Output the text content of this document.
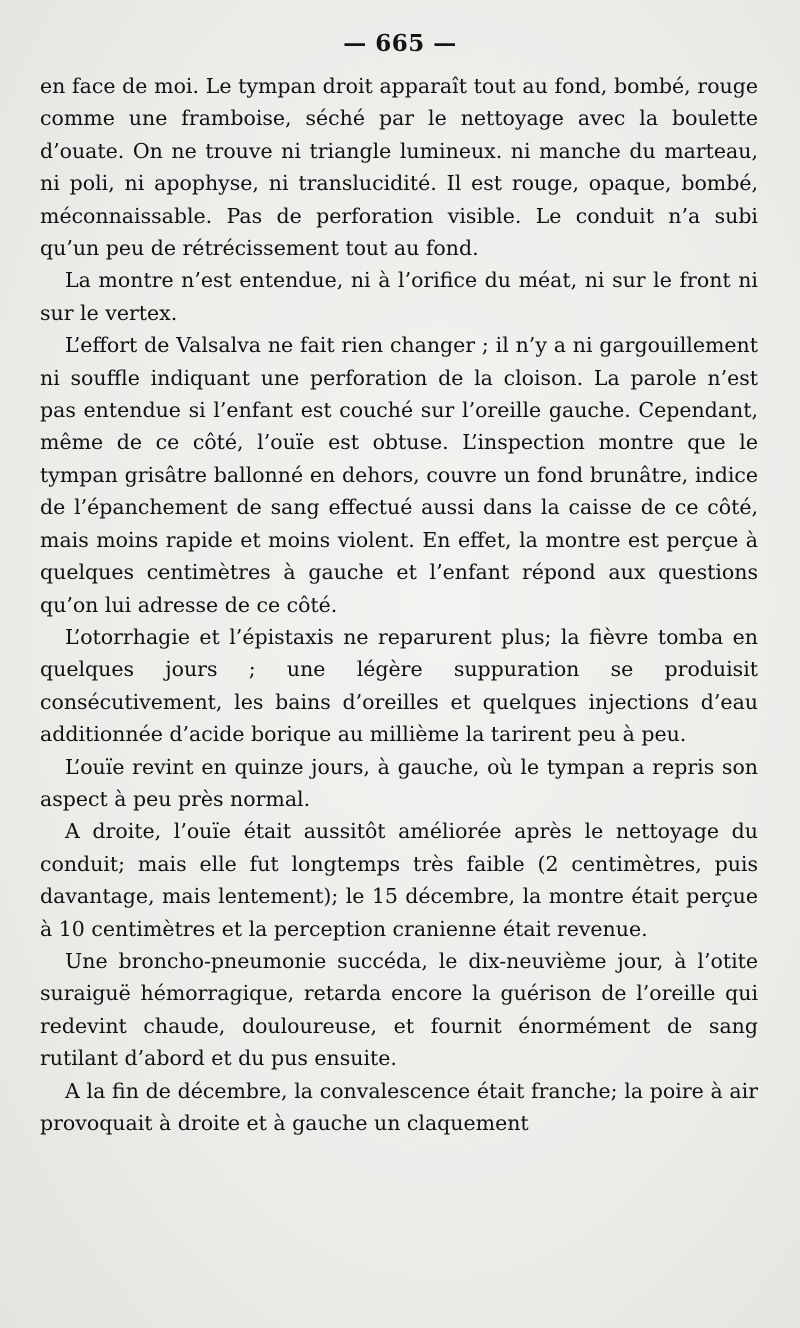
— 665 —

en face de moi. Le tympan droit apparaît tout au fond, bombé, rouge comme une framboise, séché par le nettoyage avec la boulette d’ouate. On ne trouve ni triangle lumineux. ni manche du marteau, ni poli, ni apophyse, ni translucidité. Il est rouge, opaque, bombé, méconnaissable. Pas de perforation visible. Le conduit n’a subi qu’un peu de rétrécissement tout au fond.

La montre n’est entendue, ni à l’orifice du méat, ni sur le front ni sur le vertex.

L’effort de Valsalva ne fait rien changer ; il n’y a ni gargouillement ni souffle indiquant une perforation de la cloison. La parole n’est pas entendue si l’enfant est couché sur l’oreille gauche. Cependant, même de ce côté, l’ouïe est obtuse. L’inspection montre que le tympan grisâtre ballonné en dehors, couvre un fond brunâtre, indice de l’épanchement de sang effectué aussi dans la caisse de ce côté, mais moins rapide et moins violent. En effet, la montre est perçue à quelques centimètres à gauche et l’enfant répond aux questions qu’on lui adresse de ce côté.

L’otorrhagie et l’épistaxis ne reparurent plus; la fièvre tomba en quelques jours ; une légère suppuration se produisit consécutivement, les bains d’oreilles et quelques injections d’eau additionnée d’acide borique au millième la tarirent peu à peu.

L’ouïe revint en quinze jours, à gauche, où le tympan a repris son aspect à peu près normal.

A droite, l’ouïe était aussitôt améliorée après le nettoyage du conduit; mais elle fut longtemps très faible (2 centimètres, puis davantage, mais lentement); le 15 décembre, la montre était perçue à 10 centimètres et la perception cranienne était revenue.

Une broncho-pneumonie succéda, le dix-neuvième jour, à l’otite suraiguë hémorragique, retarda encore la guérison de l’oreille qui redevint chaude, douloureuse, et fournit énormément de sang rutilant d’abord et du pus ensuite.

A la fin de décembre, la convalescence était franche; la poire à air provoquait à droite et à gauche un claquement
